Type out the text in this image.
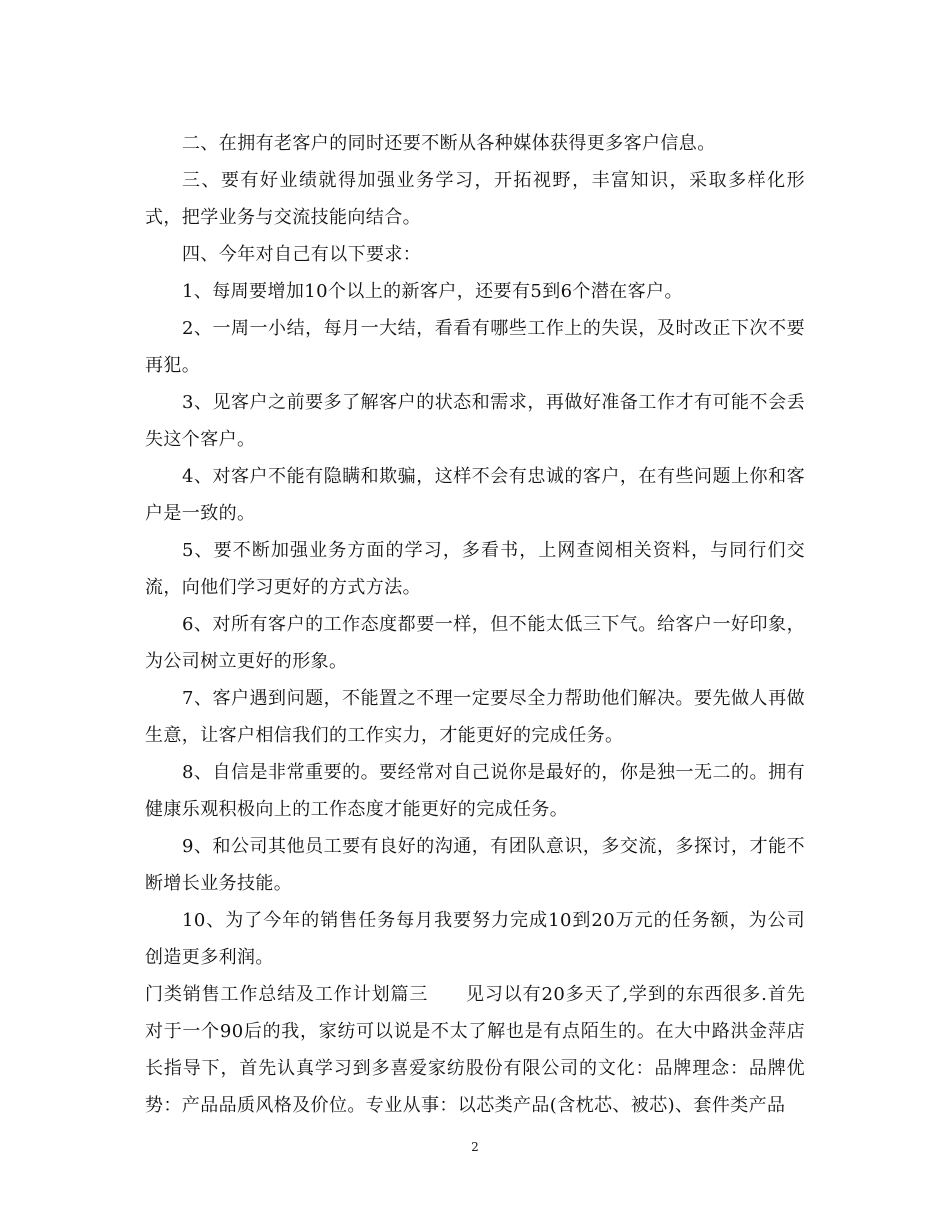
二、在拥有老客户的同时还要不断从各种媒体获得更多客户信息。

三、要有好业绩就得加强业务学习，开拓视野，丰富知识，采取多样化形式，把学业务与交流技能向结合。

四、今年对自己有以下要求：

1、每周要增加10个以上的新客户，还要有5到6个潜在客户。

2、一周一小结，每月一大结，看看有哪些工作上的失误，及时改正下次不要再犯。

3、见客户之前要多了解客户的状态和需求，再做好准备工作才有可能不会丢失这个客户。

4、对客户不能有隐瞒和欺骗，这样不会有忠诚的客户，在有些问题上你和客户是一致的。

5、要不断加强业务方面的学习，多看书，上网查阅相关资料，与同行们交流，向他们学习更好的方式方法。

6、对所有客户的工作态度都要一样，但不能太低三下气。给客户一好印象，为公司树立更好的形象。

7、客户遇到问题，不能置之不理一定要尽全力帮助他们解决。要先做人再做生意，让客户相信我们的工作实力，才能更好的完成任务。

8、自信是非常重要的。要经常对自己说你是最好的，你是独一无二的。拥有健康乐观积极向上的工作态度才能更好的完成任务。

9、和公司其他员工要有良好的沟通，有团队意识，多交流，多探讨，才能不断增长业务技能。

10、为了今年的销售任务每月我要努力完成10到20万元的任务额，为公司创造更多利润。

门类销售工作总结及工作计划篇三　　见习以有20多天了,学到的东西很多.首先对于一个90后的我，家纺可以说是不太了解也是有点陌生的。在大中路洪金萍店长指导下，首先认真学习到多喜爱家纺股份有限公司的文化：品牌理念：品牌优势：产品品质风格及价位。专业从事：以芯类产品(含枕芯、被芯)、套件类产品

2
